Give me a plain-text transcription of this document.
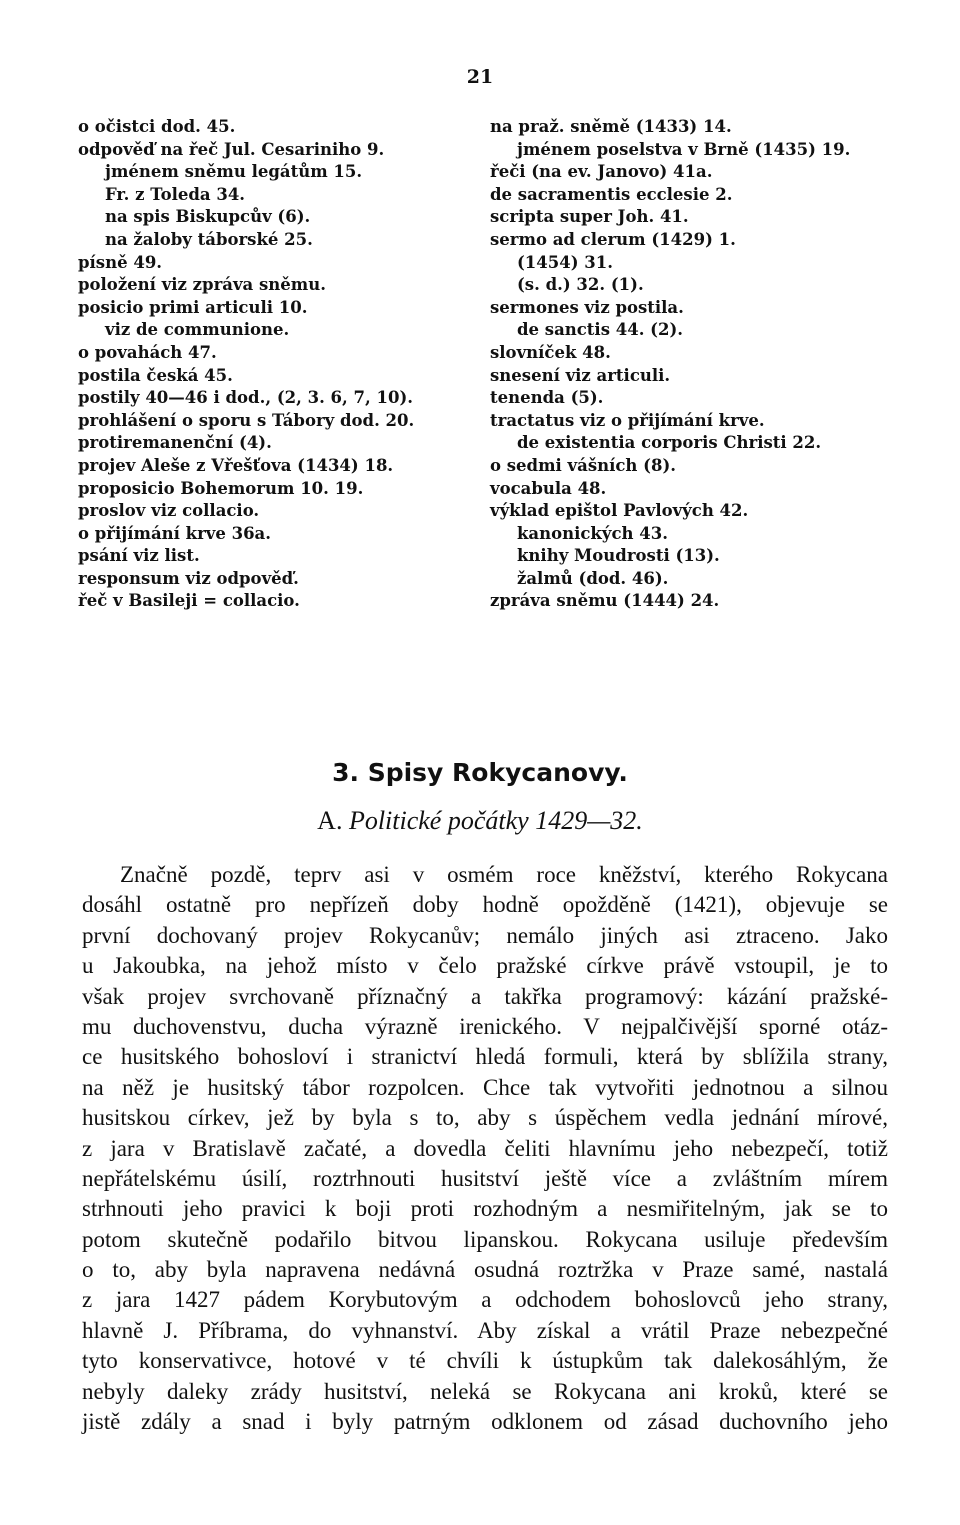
21
o očistci dod. 45.
odpověď na řeč Jul. Cesariniho 9.
jménem sněmu legátům 15.
Fr. z Toleda 34.
na spis Biskupcův (6).
na žaloby táborské 25.
písně 49.
položení viz zpráva sněmu.
posicio primi articuli 10.
viz de communione.
o povahách 47.
postila česká 45.
postily 40—46 i dod., (2, 3. 6, 7, 10).
prohlášení o sporu s Tábory dod. 20.
protiremanenční (4).
projev Aleše z Vřešťova (1434) 18.
proposicio Bohemorum 10. 19.
proslov viz collacio.
o přijímání krve 36a.
psání viz list.
responsum viz odpověď.
řeč v Basileji = collacio.
na praž. sněmě (1433) 14.
jménem poselstva v Brně (1435) 19.
řeči (na ev. Janovo) 41a.
de sacramentis ecclesie 2.
scripta super Joh. 41.
sermo ad clerum (1429) 1.
(1454) 31.
(s. d.) 32. (1).
sermones viz postila.
de sanctis 44. (2).
slovníček 48.
snesení viz articuli.
tenenda (5).
tractatus viz o přijímání krve.
de existentia corporis Christi 22.
o sedmi vášních (8).
vocabula 48.
výklad epištol Pavlových 42.
kanonických 43.
knihy Moudrosti (13).
žalmů (dod. 46).
zpráva sněmu (1444) 24.
3. Spisy Rokycanovy.
A. Politické počátky 1429—32.
Značně pozdě, teprv asi v osmém roce kněžství, kterého Rokycana
dosáhl ostatně pro nepřízeň doby hodně opožděně (1421), objevuje se
první dochovaný projev Rokycanův; nemálo jiných asi ztraceno. Jako
u Jakoubka, na jehož místo v čelo pražské církve právě vstoupil, je to
však projev svrchovaně příznačný a takřka programový: kázání pražské-
mu duchovenstvu, ducha výrazně irenického. V nejpalčivější sporné otáz-
ce husitského bohosloví i stranictví hledá formuli, která by sblížila strany,
na něž je husitský tábor rozpolcen. Chce tak vytvořiti jednotnou a silnou
husitskou církev, jež by byla s to, aby s úspěchem vedla jednání mírové,
z jara v Bratislavě začaté, a dovedla čeliti hlavnímu jeho nebezpečí, totiž
nepřátelskému úsilí, roztrhnouti husitství ještě více a zvláštním mírem
strhnouti jeho pravici k boji proti rozhodným a nesmiřitelným, jak se to
potom skutečně podařilo bitvou lipanskou. Rokycana usiluje především
o to, aby byla napravena nedávná osudná roztržka v Praze samé, nastalá
z jara 1427 pádem Korybutovým a odchodem bohoslovců jeho strany,
hlavně J. Příbrama, do vyhnanství. Aby získal a vrátil Praze nebezpečné
tyto konservativce, hotové v té chvíli k ústupkům tak dalekosáhlým, že
nebyly daleky zrády husitství, neleká se Rokycana ani kroků, které se
jistě zdály a snad i byly patrným odklonem od zásad duchovního jeho
